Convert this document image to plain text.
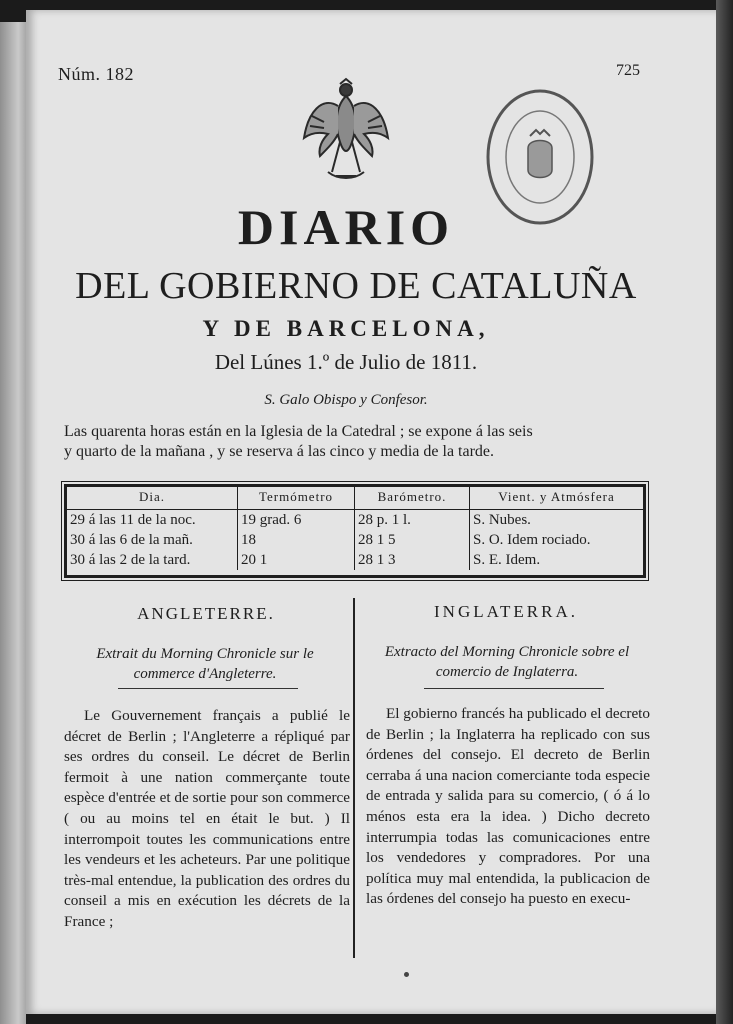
Núm. 182	725
DIARIO
DEL GOBIERNO DE CATALUÑA
Y DE BARCELONA,
Del Lúnes 1.º de Julio de 1811.
S. Galo Obispo y Confesor.
Las quarenta horas están en la Iglesia de la Catedral ; se expone á las seis
y quarto de la mañana , y se reserva á las cinco y media de la tarde.
Dia.	Termómetro	Barómetro.	Vient. y Atmósfera
29 á las 11 de la noc.	19 grad. 6	28 p. 1 l.	S. Nubes.
30 á las 6 de la mañ.	18	28 1 5	S. O. Idem rociado.
30 á las 2 de la tard.	20 1	28 1 3	S. E. Idem.
ANGLETERRE.	INGLATERRA.
Extrait du Morning Chronicle sur le commerce d'Angleterre.
Extracto del Morning Chronicle sobre el comercio de Inglaterra.
Le Gouvernement français a publié le décret de Berlin ; l'Angleterre a répliqué par ses ordres du conseil. Le décret de Berlin fermoit à une nation commerçante toute espèce d'entrée et de sortie pour son commerce ( ou au moins tel en était le but. ) Il interrompoit toutes les communications entre les vendeurs et les acheteurs. Par une politique très-mal entendue, la publication des ordres du conseil a mis en exécution les décrets de la France ;
El gobierno francés ha publicado el decreto de Berlin ; la Inglaterra ha replicado con sus órdenes del consejo. El decreto de Berlin cerraba á una nacion comerciante toda especie de entrada y salida para su comercio, ( ó á lo ménos esta era la idea. ) Dicho decreto interrumpia todas las comunicaciones entre los vendedores y compradores. Por una política muy mal entendida, la publicacion de las órdenes del consejo ha puesto en execu-
